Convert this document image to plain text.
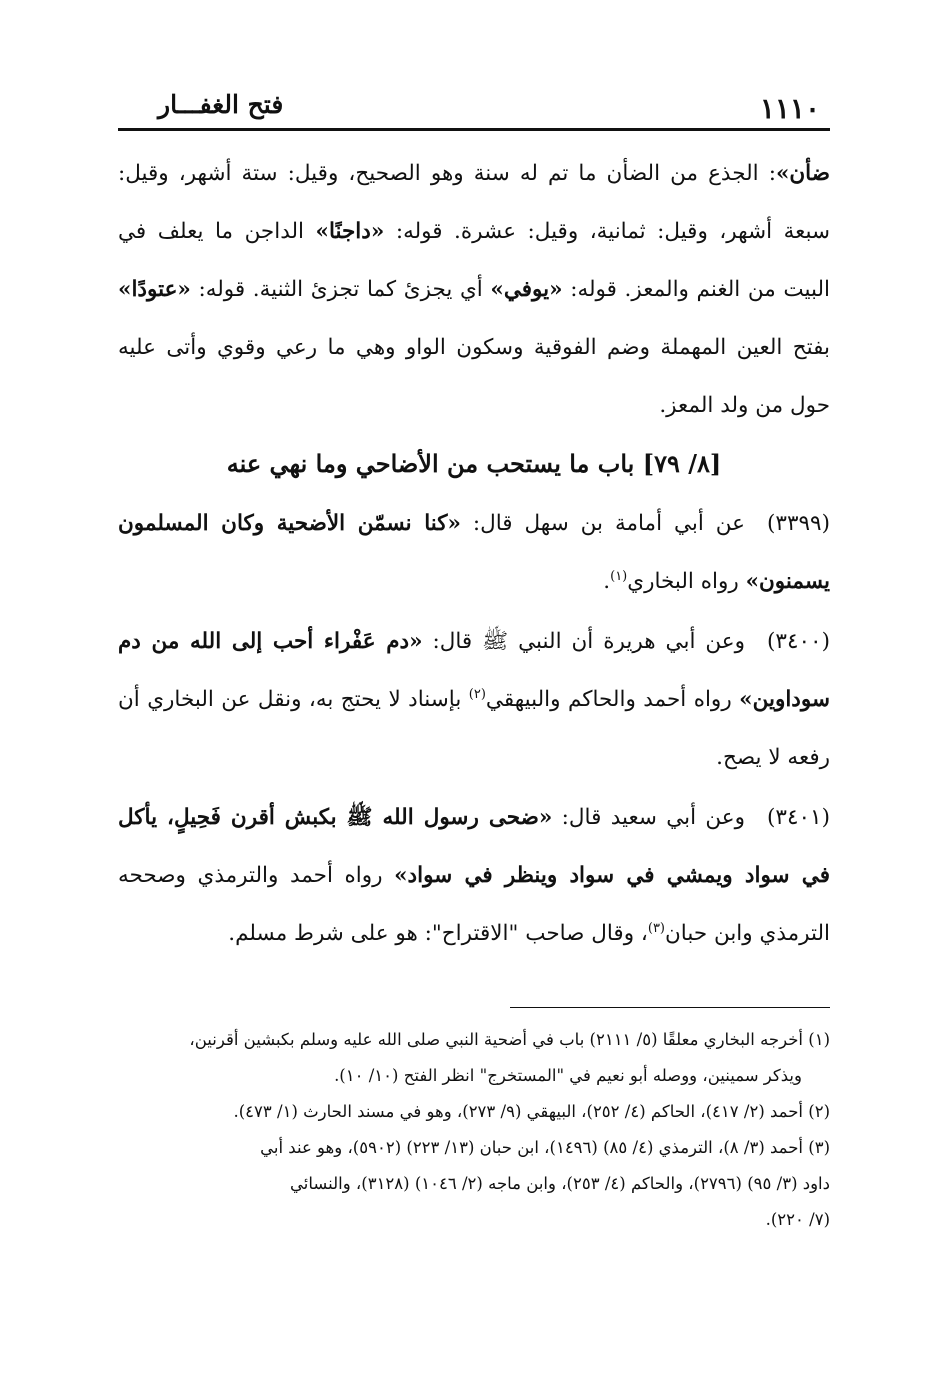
١١١٠
فتح الغفـــار

ضأن»: الجذع من الضأن ما تم له سنة وهو الصحيح، وقيل: ستة أشهر، وقيل: سبعة أشهر، وقيل: ثمانية، وقيل: عشرة. قوله: «داجنًا» الداجن ما يعلف في البيت من الغنم والمعز. قوله: «يوفي» أي يجزئ كما تجزئ الثنية. قوله: «عتودًا» بفتح العين المهملة وضم الفوقية وسكون الواو وهي ما رعي وقوي وأتى عليه حول من ولد المعز.

[٨/ ٧٩] باب ما يستحب من الأضاحي وما نهي عنه

(٣٣٩٩)عن أبي أمامة بن سهل قال: «كنا نسمّن الأضحية وكان المسلمون يسمنون» رواه البخاري$^{(١)}$.

(٣٤٠٠)وعن أبي هريرة أن النبي ﷺ قال: «دم عَفْراء أحب إلى الله من دم سوداوين» رواه أحمد والحاكم والبيهقي$^{(٢)}$ بإسناد لا يحتج به، ونقل عن البخاري أن رفعه لا يصح.

(٣٤٠١)وعن أبي سعيد قال: «ضحى رسول الله ﷺ بكبش أقرن فَحِيلٍ، يأكل في سواد ويمشي في سواد وينظر في سواد» رواه أحمد والترمذي وصححه الترمذي وابن حبان$^{(٣)}$، وقال صاحب "الاقتراح": هو على شرط مسلم.

(١) أخرجه البخاري معلقًا (٥/ ٢١١١) باب في أضحية النبي صلى الله عليه وسلم بكبشين أقرنين،

ويذكر سمينين، ووصله أبو نعيم في "المستخرج" انظر الفتح (١٠/ ١٠).

(٢) أحمد (٢/ ٤١٧)، الحاكم (٤/ ٢٥٢)، البيهقي (٩/ ٢٧٣)، وهو في مسند الحارث (١/ ٤٧٣).

(٣) أحمد (٣/ ٨)، الترمذي (٤/ ٨٥) (١٤٩٦)، ابن حبان (١٣/ ٢٢٣) (٥٩٠٢)، وهو عند أبي

داود (٣/ ٩٥) (٢٧٩٦)، والحاكم (٤/ ٢٥٣)، وابن ماجه (٢/ ١٠٤٦) (٣١٢٨)، والنسائي

(٧/ ٢٢٠).
